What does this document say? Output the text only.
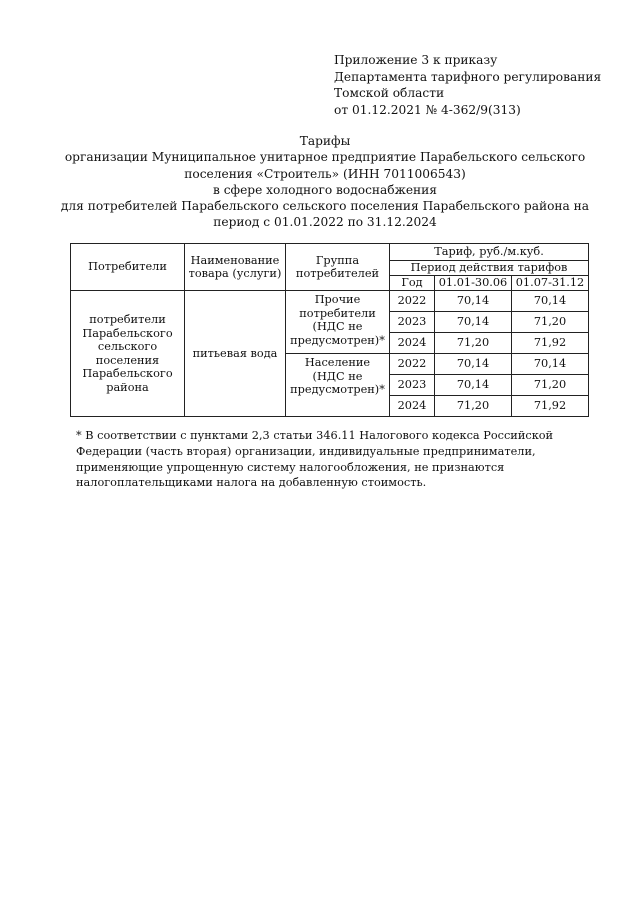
Приложение 3 к приказу
Департамента тарифного регулирования
Томской области
от 01.12.2021 № 4-362/9(313)
Тарифы
организации Муниципальное унитарное предприятие Парабельского сельского
поселения «Строитель» (ИНН 7011006543)
в сфере холодного водоснабжения
для потребителей Парабельского сельского поселения Парабельского района на
период с 01.01.2022 по 31.12.2024
Потребители	Наименование товара (услуги)	Группа потребителей	Тариф, руб./м.куб.		
			Период действия тарифов		
			Год	01.01-30.06	01.07-31.12
потребители Парабельского сельского поселения Парабельского района	питьевая вода	Прочие потребители (НДС не предусмотрен)*	2022	70,14	70,14
			2023	70,14	71,20
			2024	71,20	71,92
		Население (НДС не предусмотрен)*	2022	70,14	70,14
			2023	70,14	71,20
			2024	71,20	71,92
* В соответствии с пунктами 2,3 статьи 346.11 Налогового кодекса Российской Федерации (часть вторая) организации, индивидуальные предприниматели, применяющие упрощенную систему налогообложения, не признаются налогоплательщиками налога на добавленную стоимость.
